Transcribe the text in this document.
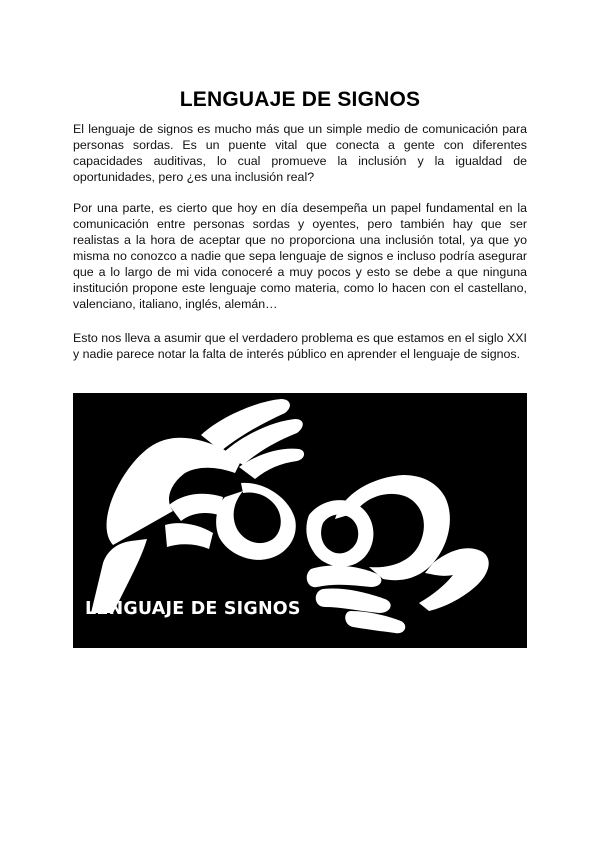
LENGUAJE DE SIGNOS

El lenguaje de signos es mucho más que un simple medio de comunicación para personas sordas. Es un puente vital que conecta a gente con diferentes capacidades auditivas, lo cual promueve la inclusión y la igualdad de oportunidades, pero ¿es una inclusión real?

Por una parte, es cierto que hoy en día desempeña un papel fundamental en la comunicación entre personas sordas y oyentes, pero también hay que ser realistas a la hora de aceptar que no proporciona una inclusión total, ya que yo misma no conozco a nadie que sepa lenguaje de signos e incluso podría asegurar que a lo largo de mi vida conoceré a muy pocos y esto se debe a que ninguna institución propone este lenguaje como materia, como lo hacen con el castellano, valenciano, italiano, inglés, alemán…

Esto nos lleva a asumir que el verdadero problema es que estamos en el siglo XXI y nadie parece notar la falta de interés público en aprender el lenguaje de signos.

LENGUAJE DE SIGNOS
